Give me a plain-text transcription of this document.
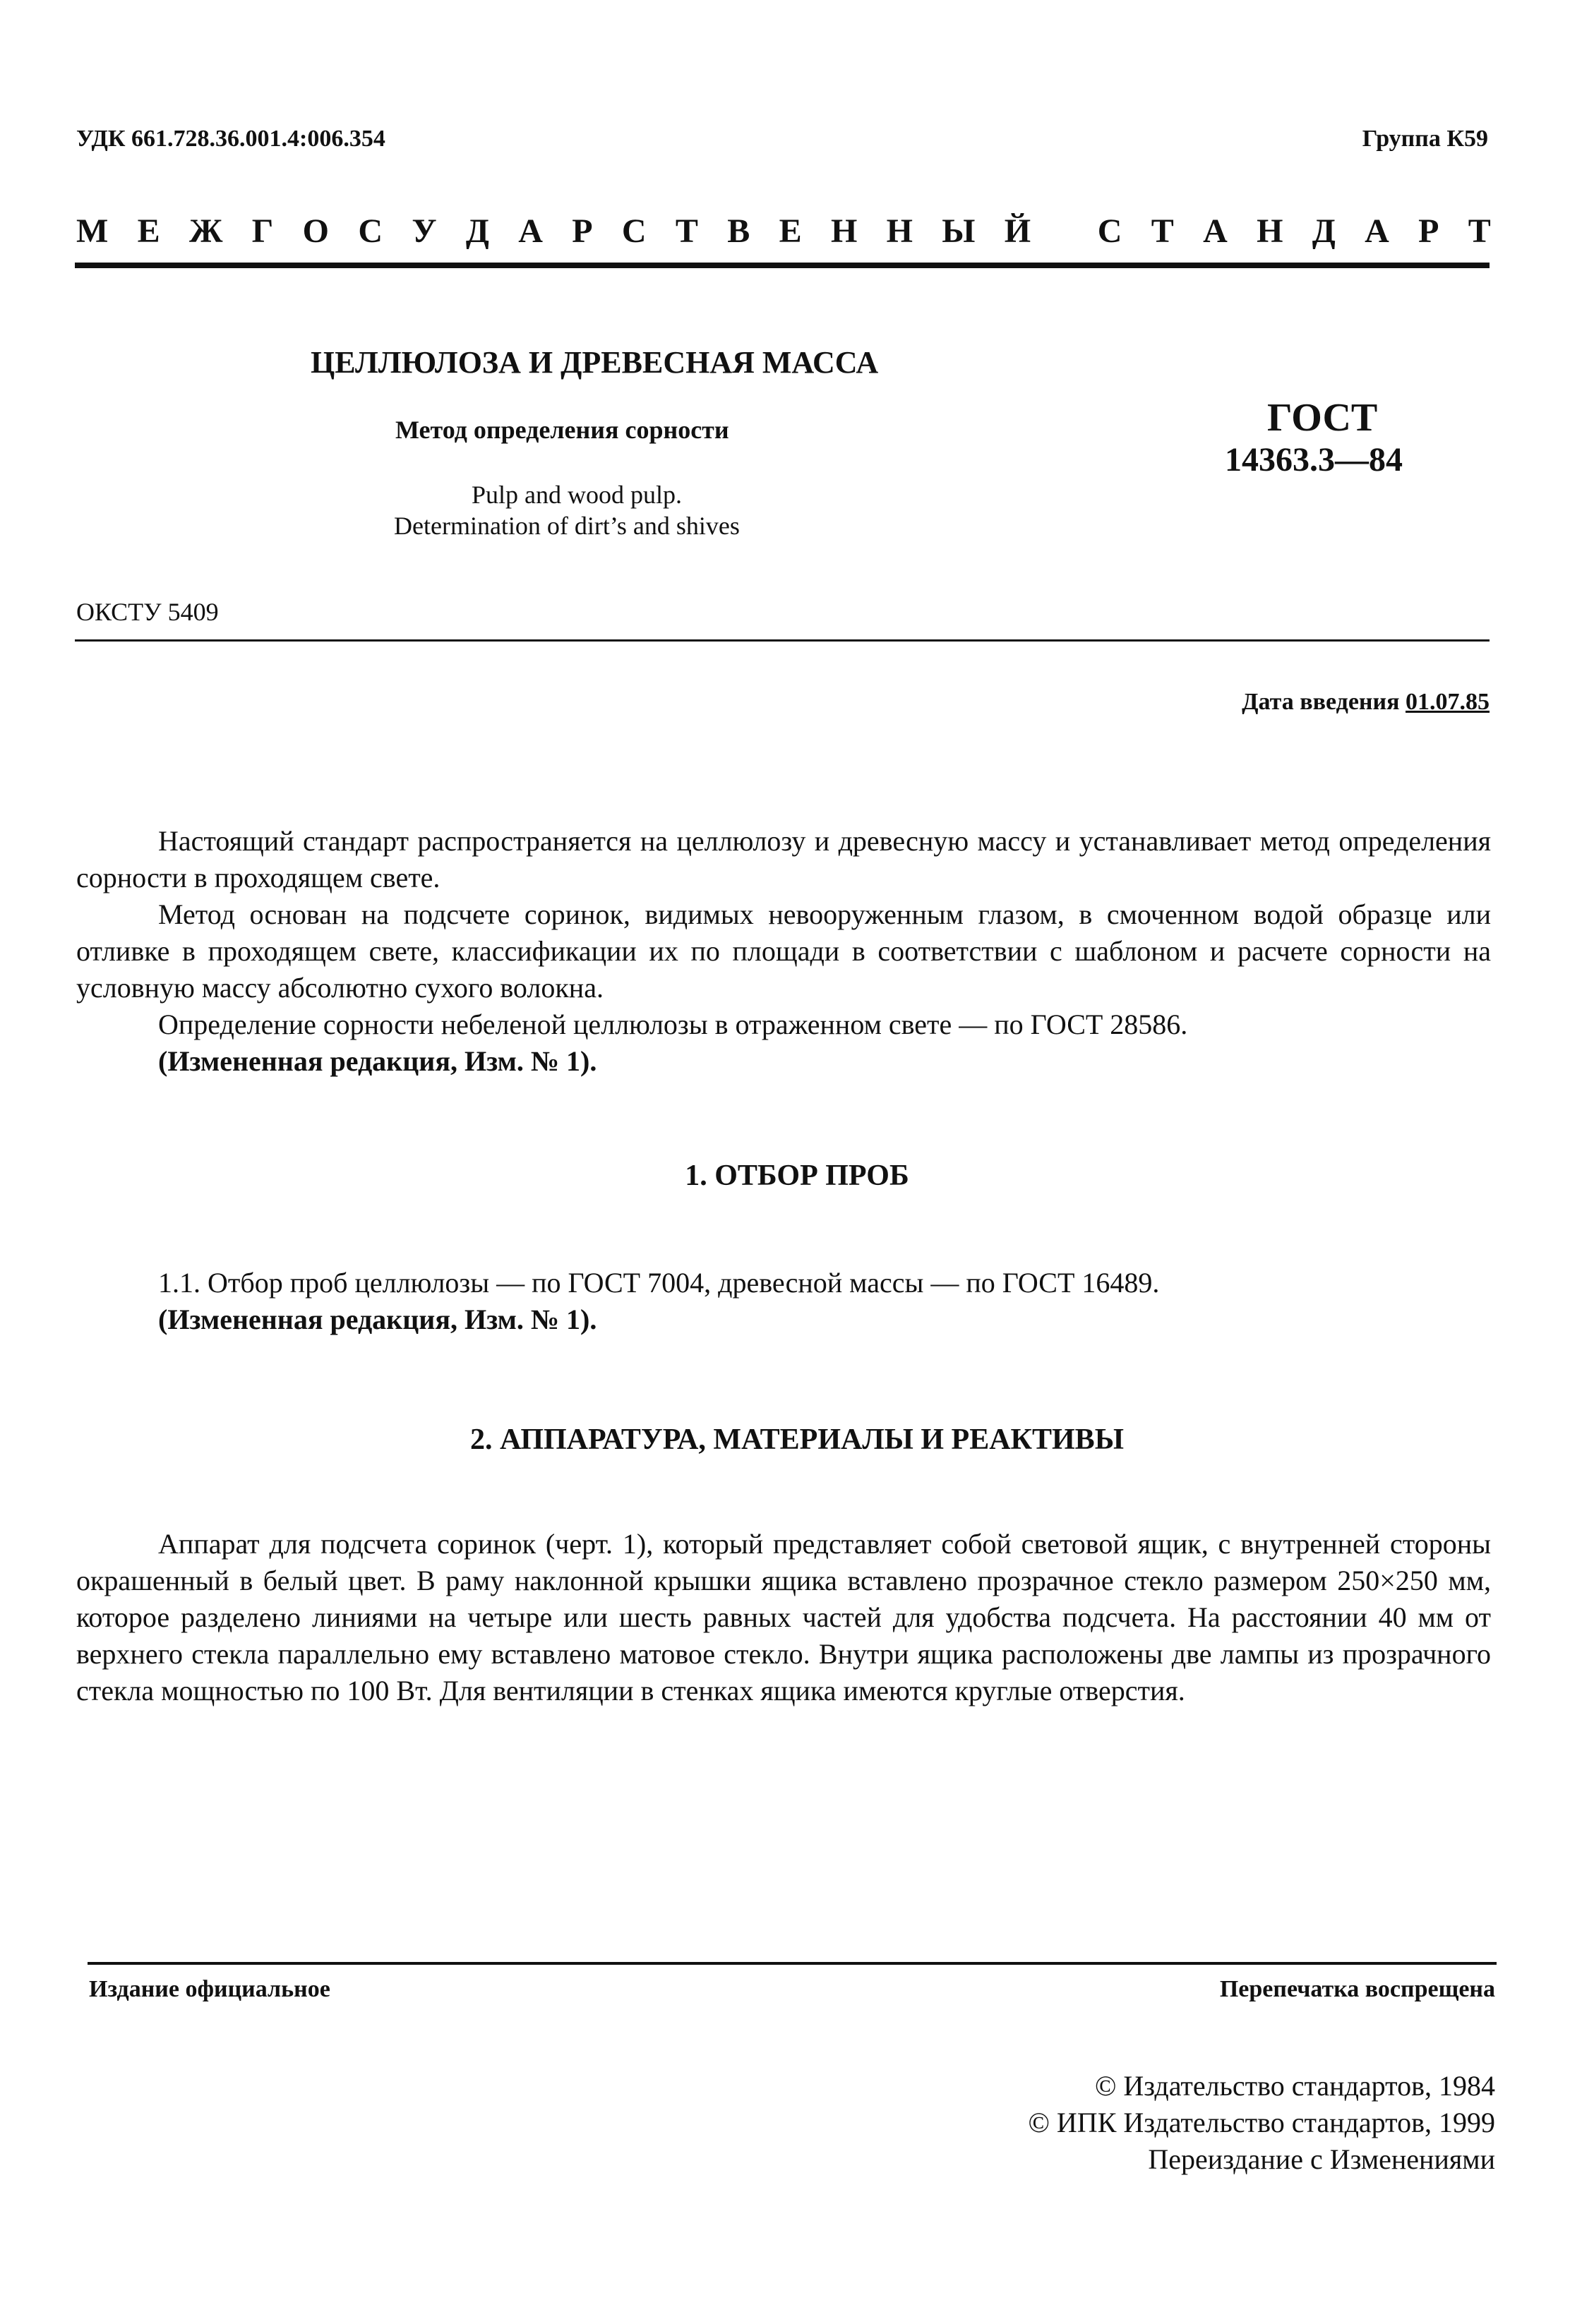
УДК 661.728.36.001.4:006.354	Группа К59
М Е Ж Г О С У Д А Р С Т В Е Н Н Ы Й
С Т А Н Д А Р Т
ЦЕЛЛЮЛОЗА И ДРЕВЕСНАЯ МАССА
Метод определения сорности
Pulp and wood pulp.
Determination of dirt’s and shives
ГОСТ
14363.3—84
ОКСТУ 5409
Дата введения 01.07.85

Настоящий стандарт распространяется на целлюлозу и древесную массу и устанавливает метод определения сорности в проходящем свете.

Метод основан на подсчете соринок, видимых невооруженным глазом, в смоченном водой образце или отливке в проходящем свете, классификации их по площади в соответствии с шаблоном и расчете сорности на условную массу абсолютно сухого волокна.

Определение сорности небеленой целлюлозы в отраженном свете — по ГОСТ 28586.

(Измененная редакция, Изм. № 1).

1. ОТБОР ПРОБ

1.1. Отбор проб целлюлозы — по ГОСТ 7004, древесной массы — по ГОСТ 16489.

(Измененная редакция, Изм. № 1).

2. АППАРАТУРА, МАТЕРИАЛЫ И РЕАКТИВЫ

Аппарат для подсчета соринок (черт. 1), который представляет собой световой ящик, с внутренней стороны окрашенный в белый цвет. В раму наклонной крышки ящика вставлено прозрачное стекло размером 250×250 мм, которое разделено линиями на четыре или шесть равных частей для удобства подсчета. На расстоянии 40 мм от верхнего стекла параллельно ему вставлено матовое стекло. Внутри ящика расположены две лампы из прозрачного стекла мощностью по 100 Вт. Для вентиляции в стенках ящика имеются круглые отверстия.

Издание официальное	Перепечатка воспрещена
© Издательство стандартов, 1984
© ИПК Издательство стандартов, 1999
Переиздание с Изменениями
